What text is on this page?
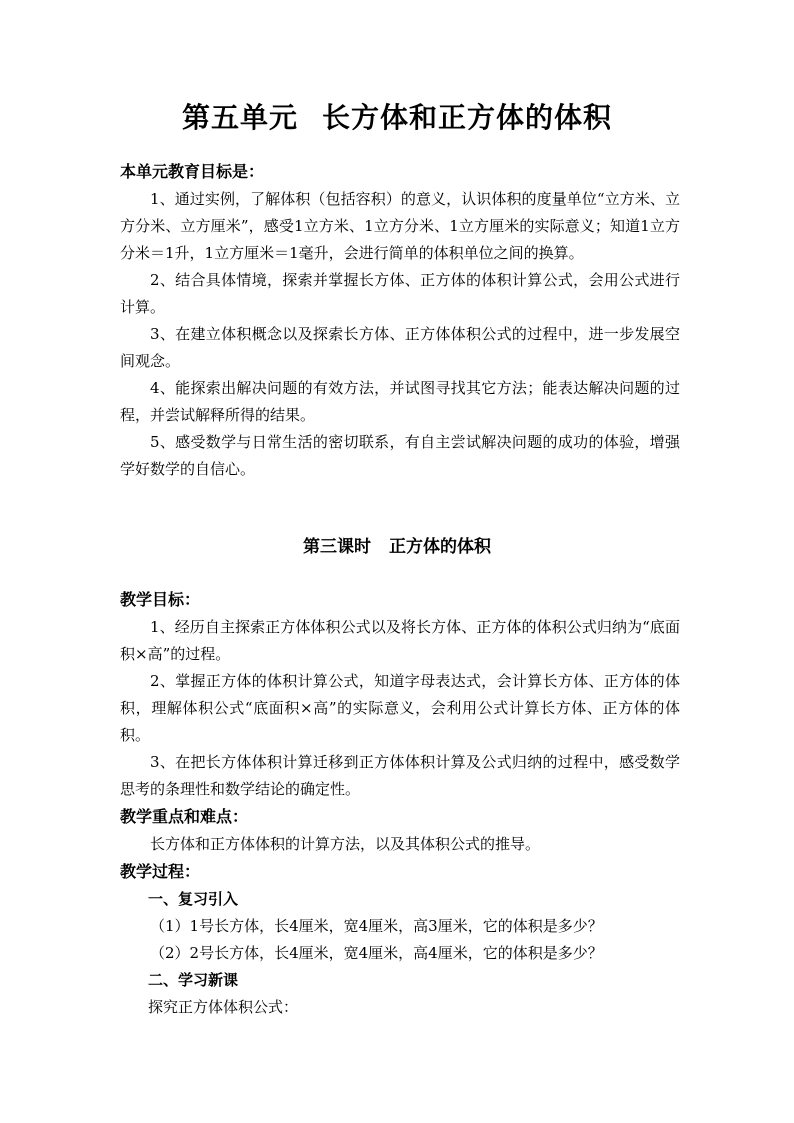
第五单元 长方体和正方体的体积

本单元教育目标是：

1、通过实例，了解体积（包括容积）的意义，认识体积的度量单位“立方米、立方分米、立方厘米”，感受1立方米、1立方分米、1立方厘米的实际意义；知道1立方分米＝1升，1立方厘米＝1毫升，会进行简单的体积单位之间的换算。

2、结合具体情境，探索并掌握长方体、正方体的体积计算公式，会用公式进行计算。

3、在建立体积概念以及探索长方体、正方体体积公式的过程中，进一步发展空间观念。

4、能探索出解决问题的有效方法，并试图寻找其它方法；能表达解决问题的过程，并尝试解释所得的结果。

5、感受数学与日常生活的密切联系，有自主尝试解决问题的成功的体验，增强学好数学的自信心。

第三课时 正方体的体积

教学目标：

1、经历自主探索正方体体积公式以及将长方体、正方体的体积公式归纳为“底面积×高”的过程。

2、掌握正方体的体积计算公式，知道字母表达式，会计算长方体、正方体的体积，理解体积公式“底面积×高”的实际意义，会利用公式计算长方体、正方体的体积。

3、在把长方体体积计算迁移到正方体体积计算及公式归纳的过程中，感受数学思考的条理性和数学结论的确定性。

教学重点和难点：

长方体和正方体体积的计算方法，以及其体积公式的推导。

教学过程：

一、复习引入

（1）1号长方体，长4厘米，宽4厘米，高3厘米，它的体积是多少？

（2）2号长方体，长4厘米，宽4厘米，高4厘米，它的体积是多少？

二、学习新课

探究正方体体积公式：
